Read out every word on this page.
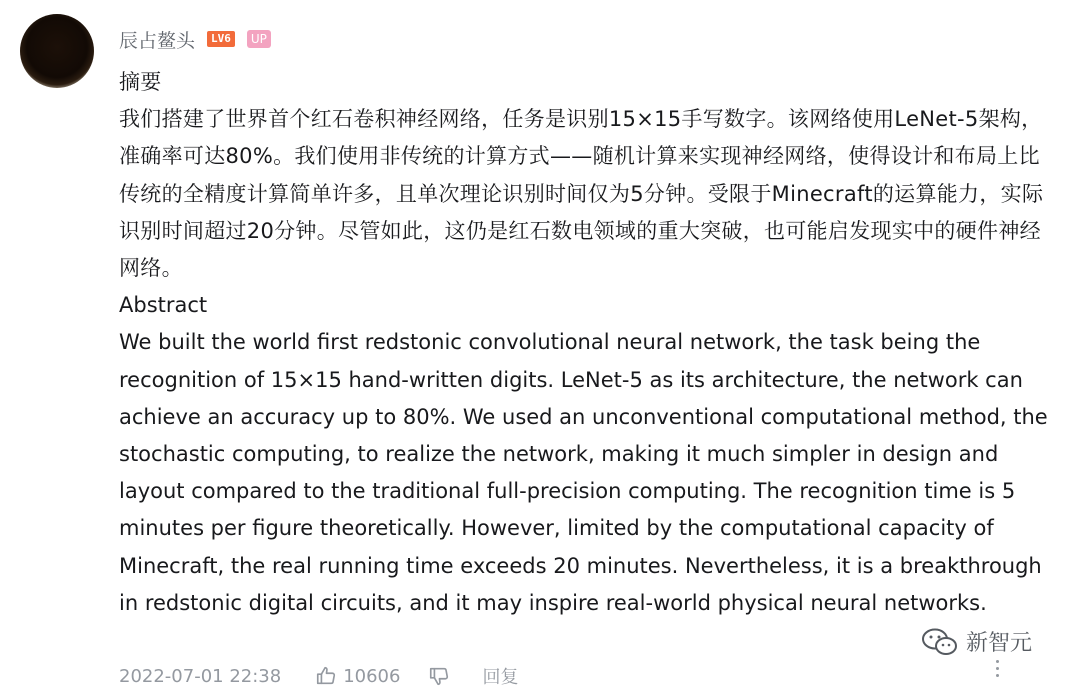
辰占鳌头	LV6	UP

摘要

我们搭建了世界首个红石卷积神经网络，任务是识别15×15手写数字。该网络使用LeNet-5架构，准确率可达80%。我们使用非传统的计算方式——随机计算来实现神经网络，使得设计和布局上比传统的全精度计算简单许多，且单次理论识别时间仅为5分钟。受限于Minecraft的运算能力，实际识别时间超过20分钟。尽管如此，这仍是红石数电领域的重大突破，也可能启发现实中的硬件神经网络。

Abstract

We built the world first redstonic convolutional neural network, the task being the recognition of 15×15 hand-written digits. LeNet-5 as its architecture, the network can achieve an accuracy up to 80%. We used an unconventional computational method, the stochastic computing, to realize the network, making it much simpler in design and layout compared to the traditional full-precision computing. The recognition time is 5 minutes per figure theoretically. However, limited by the computational capacity of Minecraft, the real running time exceeds 20 minutes. Nevertheless, it is a breakthrough in redstonic digital circuits, and it may inspire real-world physical neural networks.

2022-07-01 22:38	10606	回复
新智元
